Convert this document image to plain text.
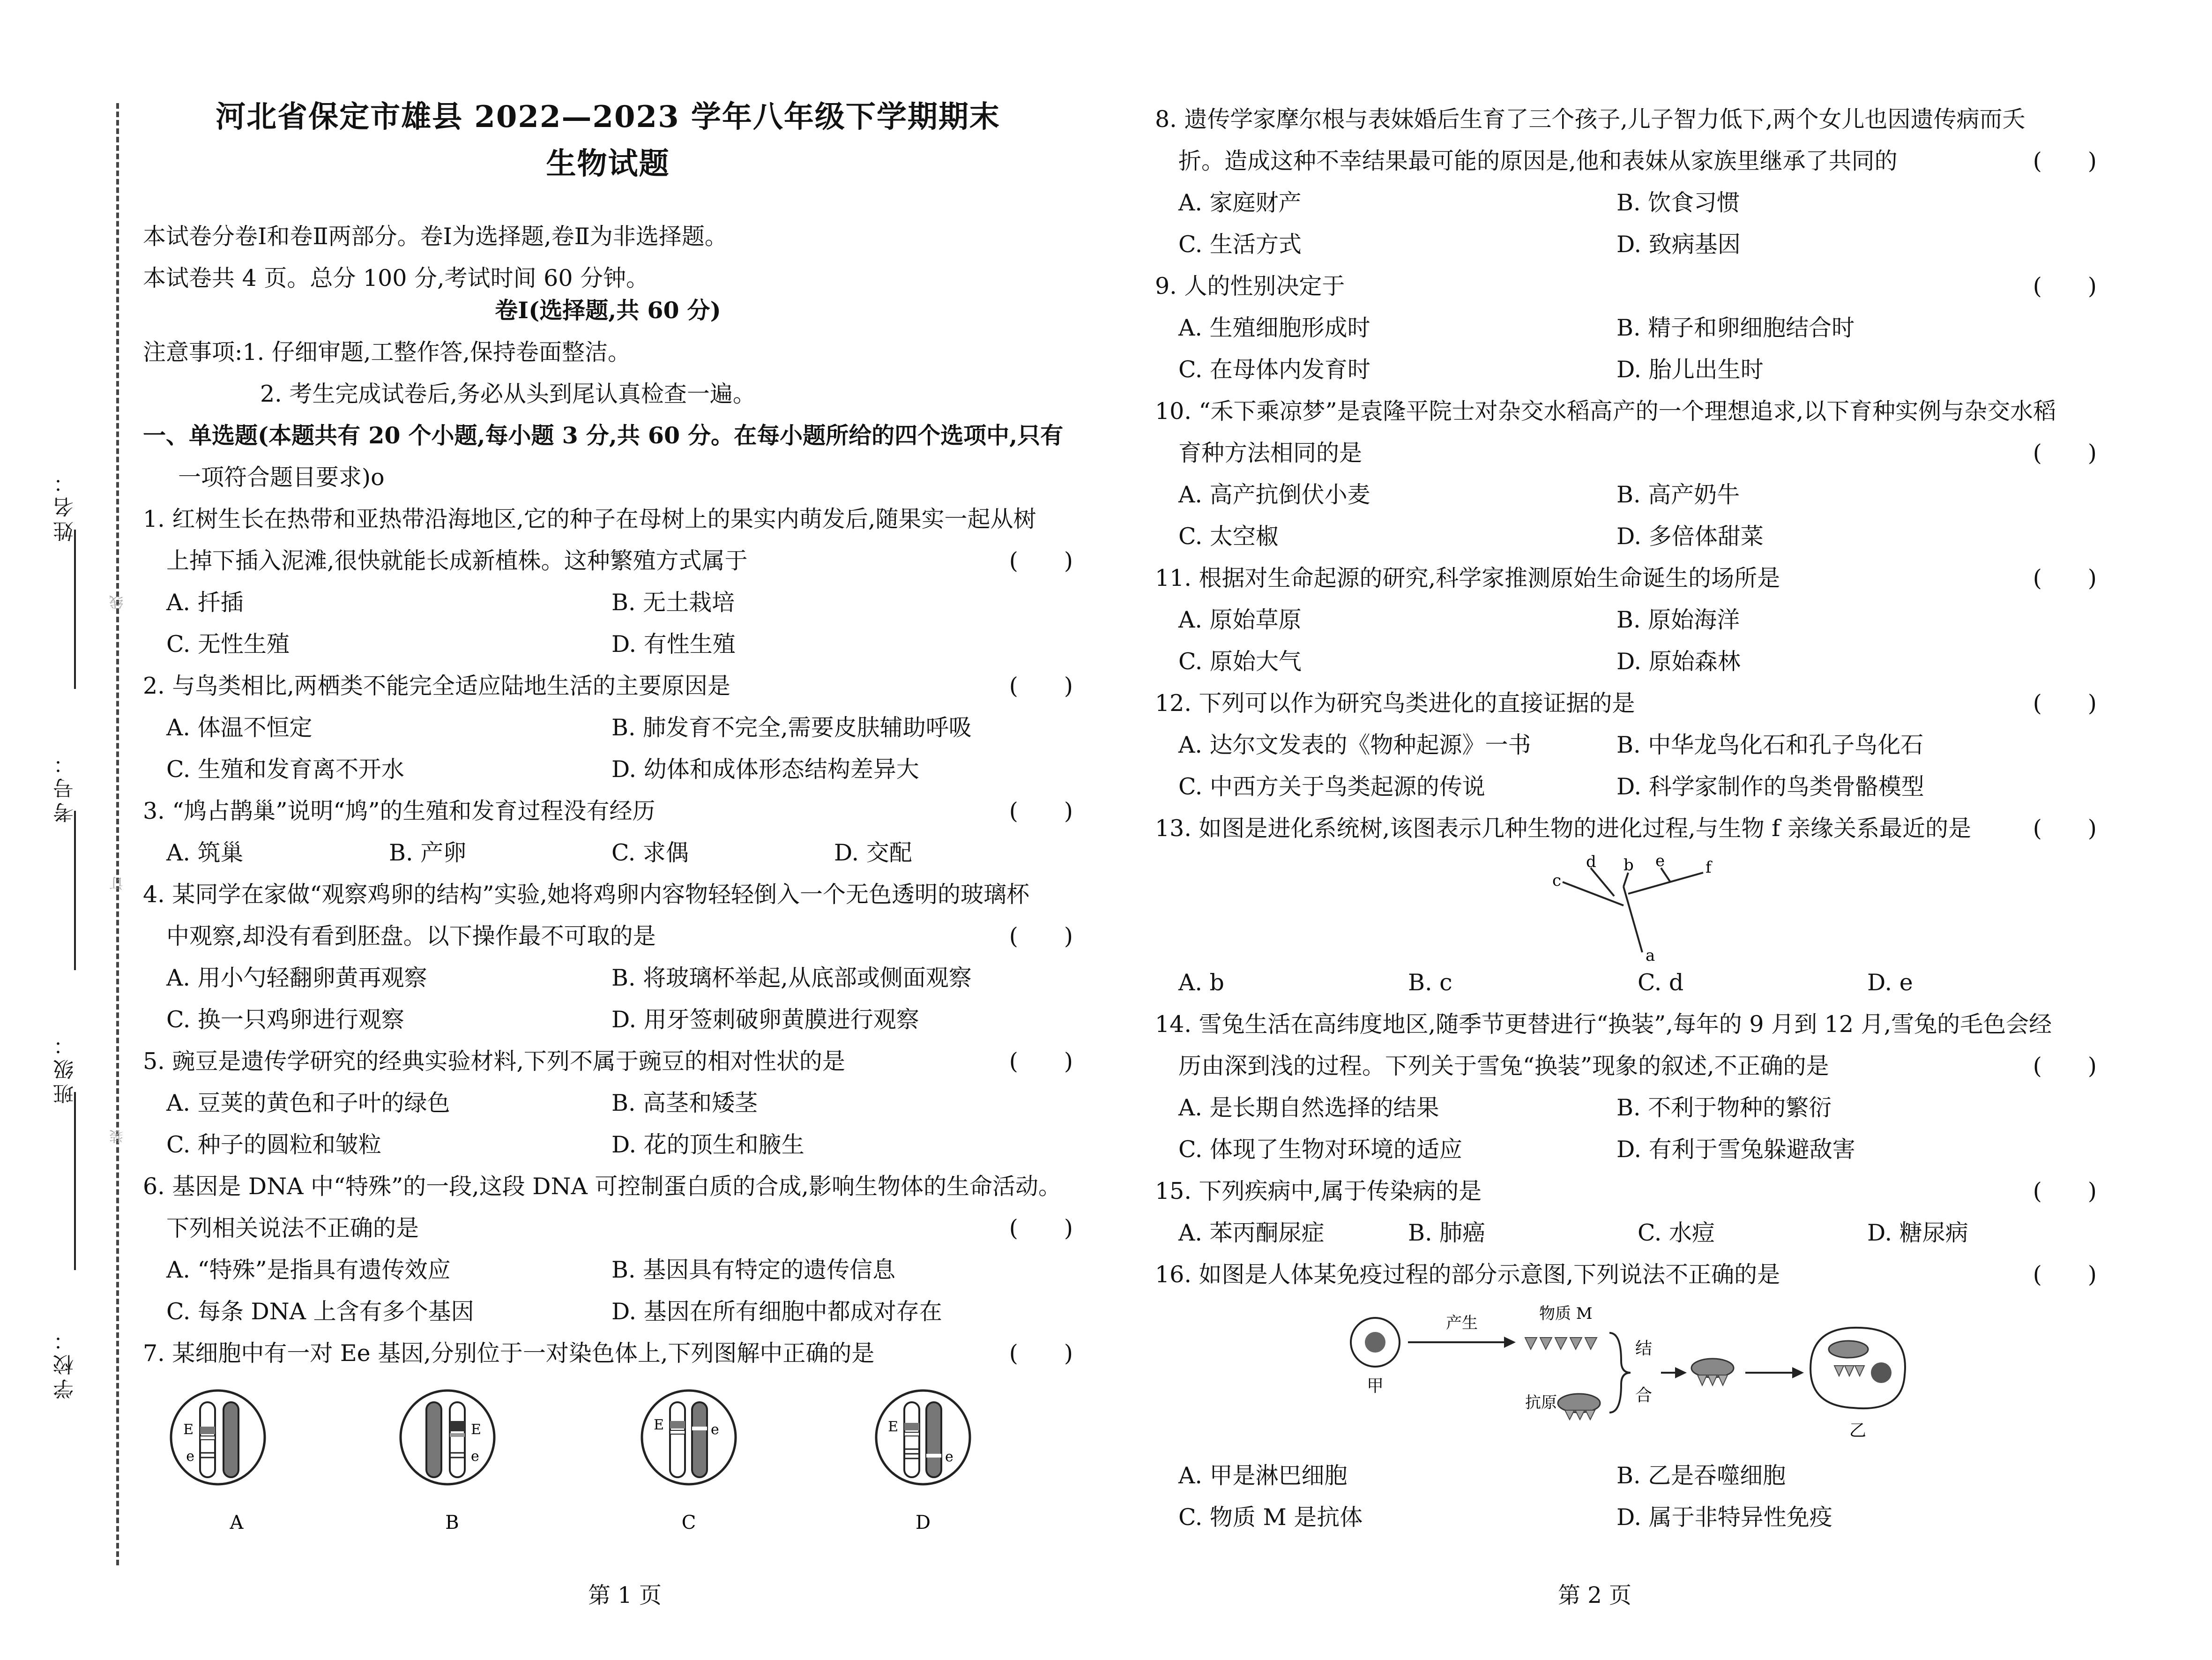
姓名：
考号：
班级：
学校：
线
订
装
河北省保定市雄县 2022—2023 学年八年级下学期期末
生物试题
本试卷分卷Ⅰ和卷Ⅱ两部分。卷Ⅰ为选择题,卷Ⅱ为非选择题。
本试卷共 4 页。总分 100 分,考试时间 60 分钟。
卷Ⅰ(选择题,共 60 分)
注意事项:1. 仔细审题,工整作答,保持卷面整洁。
2. 考生完成试卷后,务必从头到尾认真检查一遍。
一、单选题(本题共有 20 个小题,每小题 3 分,共 60 分。在每小题所给的四个选项中,只有
一项符合题目要求)o
1. 红树生长在热带和亚热带沿海地区,它的种子在母树上的果实内萌发后,随果实一起从树
上掉下插入泥滩,很快就能长成新植株。这种繁殖方式属于	(　　)
A. 扦插	B. 无土栽培
C. 无性生殖	D. 有性生殖
2. 与鸟类相比,两栖类不能完全适应陆地生活的主要原因是	(　　)
A. 体温不恒定	B. 肺发育不完全,需要皮肤辅助呼吸
C. 生殖和发育离不开水	D. 幼体和成体形态结构差异大
3. “鸠占鹊巢”说明“鸠”的生殖和发育过程没有经历	(　　)
A. 筑巢	B. 产卵	C. 求偶	D. 交配
4. 某同学在家做“观察鸡卵的结构”实验,她将鸡卵内容物轻轻倒入一个无色透明的玻璃杯
中观察,却没有看到胚盘。以下操作最不可取的是	(　　)
A. 用小勺轻翻卵黄再观察	B. 将玻璃杯举起,从底部或侧面观察
C. 换一只鸡卵进行观察	D. 用牙签刺破卵黄膜进行观察
5. 豌豆是遗传学研究的经典实验材料,下列不属于豌豆的相对性状的是	(　　)
A. 豆荚的黄色和子叶的绿色	B. 高茎和矮茎
C. 种子的圆粒和皱粒	D. 花的顶生和腋生
6. 基因是 DNA 中“特殊”的一段,这段 DNA 可控制蛋白质的合成,影响生物体的生命活动。
下列相关说法不正确的是	(　　)
A. “特殊”是指具有遗传效应	B. 基因具有特定的遗传信息
C. 每条 DNA 上含有多个基因	D. 基因在所有细胞中都成对存在
7. 某细胞中有一对 Ee 基因,分别位于一对染色体上,下列图解中正确的是	(　　)
E
e
A
E
e
B
E	e
C
E
e
D
第 1 页
8. 遗传学家摩尔根与表妹婚后生育了三个孩子,儿子智力低下,两个女儿也因遗传病而夭
折。造成这种不幸结果最可能的原因是,他和表妹从家族里继承了共同的	(　　)
A. 家庭财产	B. 饮食习惯
C. 生活方式	D. 致病基因
9. 人的性别决定于	(　　)
A. 生殖细胞形成时	B. 精子和卵细胞结合时
C. 在母体内发育时	D. 胎儿出生时
10. “禾下乘凉梦”是袁隆平院士对杂交水稻高产的一个理想追求,以下育种实例与杂交水稻
育种方法相同的是	(　　)
A. 高产抗倒伏小麦	B. 高产奶牛
C. 太空椒	D. 多倍体甜菜
11. 根据对生命起源的研究,科学家推测原始生命诞生的场所是	(　　)
A. 原始草原	B. 原始海洋
C. 原始大气	D. 原始森林
12. 下列可以作为研究鸟类进化的直接证据的是	(　　)
A. 达尔文发表的《物种起源》一书	B. 中华龙鸟化石和孔子鸟化石
C. 中西方关于鸟类起源的传说	D. 科学家制作的鸟类骨骼模型
13. 如图是进化系统树,该图表示几种生物的进化过程,与生物 f 亲缘关系最近的是	(　　)
a
b
c
d	e	f
A. b	B. c	C. d	D. e
14. 雪兔生活在高纬度地区,随季节更替进行“换装”,每年的 9 月到 12 月,雪兔的毛色会经
历由深到浅的过程。下列关于雪兔“换装”现象的叙述,不正确的是	(　　)
A. 是长期自然选择的结果	B. 不利于物种的繁衍
C. 体现了生物对环境的适应	D. 有利于雪兔躲避敌害
15. 下列疾病中,属于传染病的是	(　　)
A. 苯丙酮尿症	B. 肺癌	C. 水痘	D. 糖尿病
16. 如图是人体某免疫过程的部分示意图,下列说法不正确的是	(　　)
甲
产生	物质 M
抗原
结
合
乙
A. 甲是淋巴细胞	B. 乙是吞噬细胞
C. 物质 M 是抗体	D. 属于非特异性免疫
第 2 页
